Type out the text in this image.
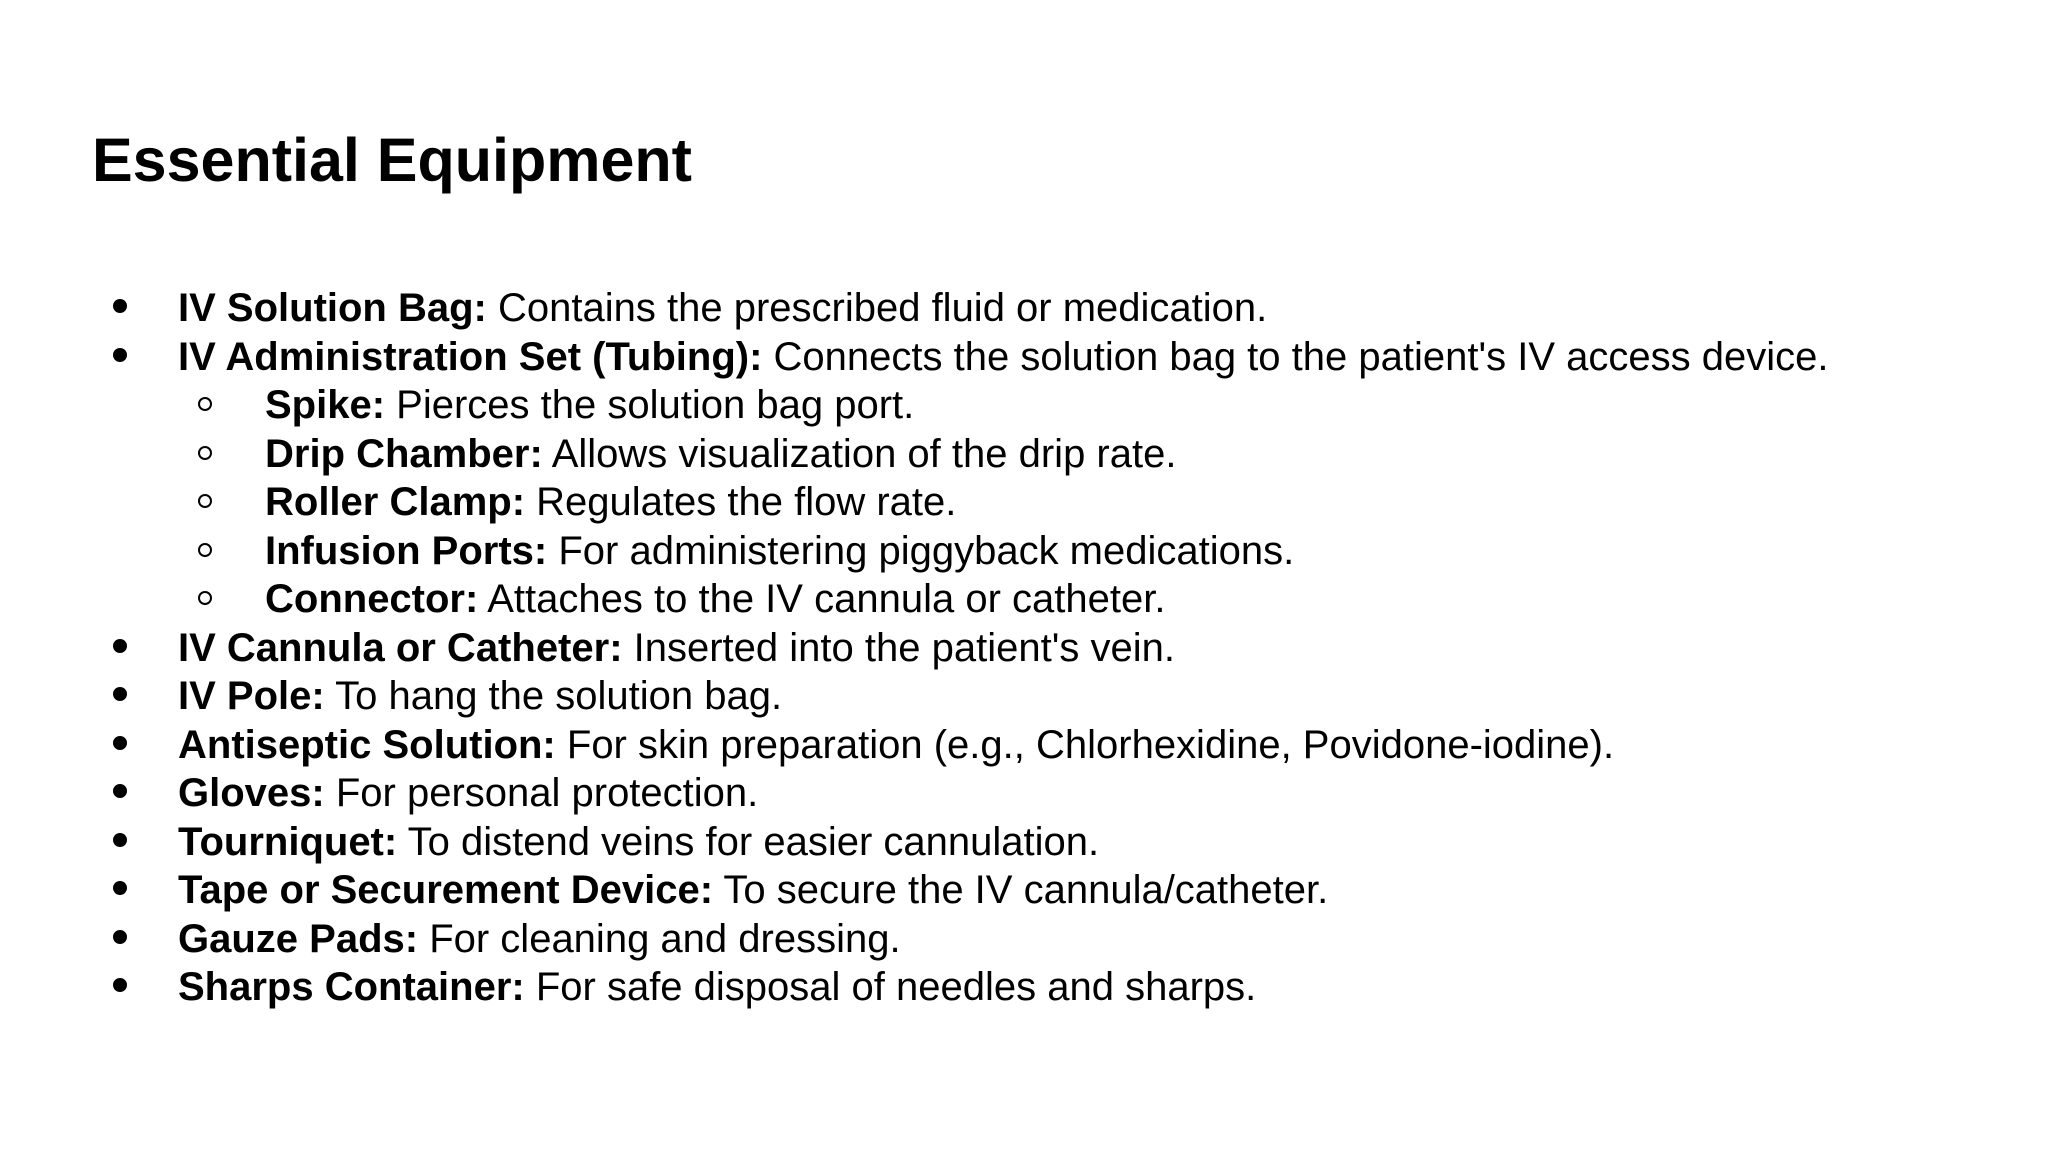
Essential Equipment
IV Solution Bag: Contains the prescribed fluid or medication.
IV Administration Set (Tubing): Connects the solution bag to the patient's IV access device.
Spike: Pierces the solution bag port.
Drip Chamber: Allows visualization of the drip rate.
Roller Clamp: Regulates the flow rate.
Infusion Ports: For administering piggyback medications.
Connector: Attaches to the IV cannula or catheter.
IV Cannula or Catheter: Inserted into the patient's vein.
IV Pole: To hang the solution bag.
Antiseptic Solution: For skin preparation (e.g., Chlorhexidine, Povidone-iodine).
Gloves: For personal protection.
Tourniquet: To distend veins for easier cannulation.
Tape or Securement Device: To secure the IV cannula/catheter.
Gauze Pads: For cleaning and dressing.
Sharps Container: For safe disposal of needles and sharps.
